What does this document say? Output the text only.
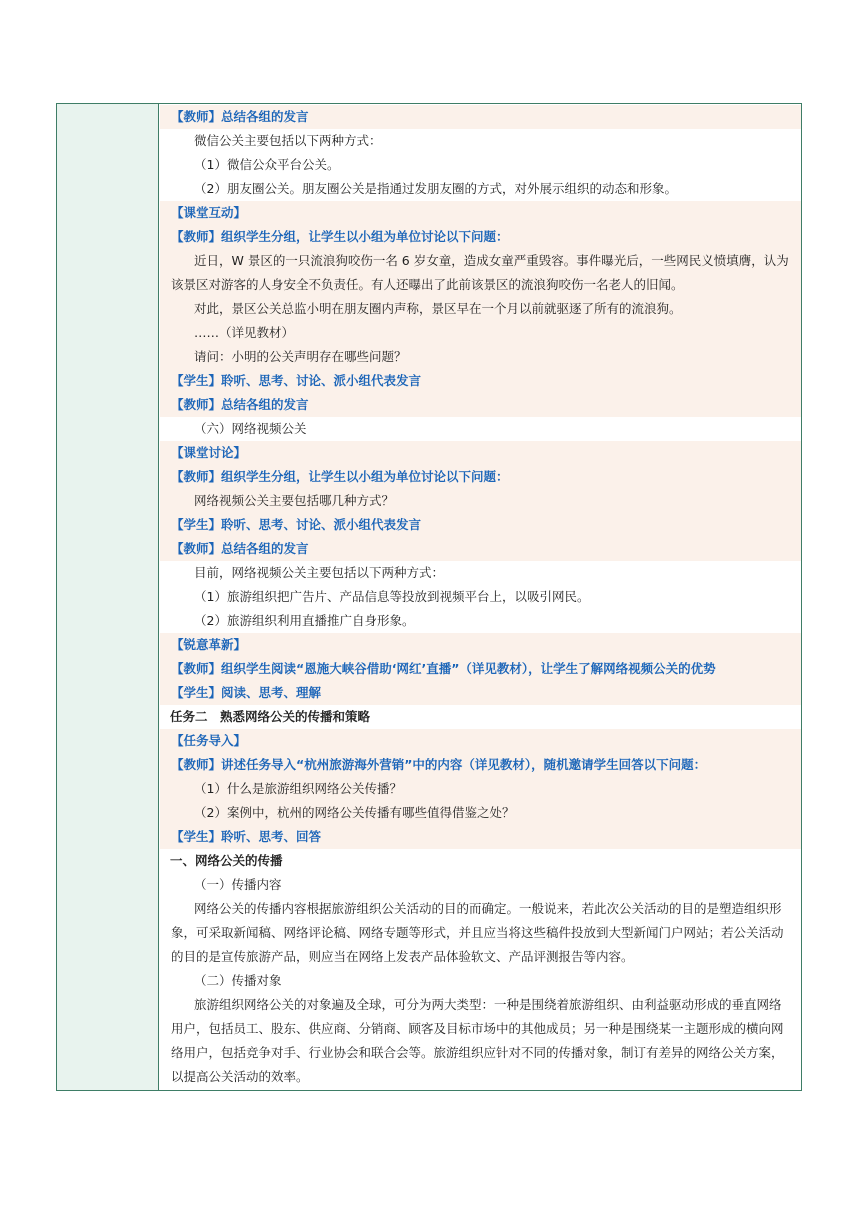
【教师】总结各组的发言
微信公关主要包括以下两种方式：
（1）微信公众平台公关。
（2）朋友圈公关。朋友圈公关是指通过发朋友圈的方式，对外展示组织的动态和形象。
【课堂互动】
【教师】组织学生分组，让学生以小组为单位讨论以下问题：
近日，W 景区的一只流浪狗咬伤一名 6 岁女童，造成女童严重毁容。事件曝光后，一些网民义愤填膺，认为该景区对游客的人身安全不负责任。有人还曝出了此前该景区的流浪狗咬伤一名老人的旧闻。
对此，景区公关总监小明在朋友圈内声称，景区早在一个月以前就驱逐了所有的流浪狗。
……（详见教材）
请问：小明的公关声明存在哪些问题？
【学生】聆听、思考、讨论、派小组代表发言
【教师】总结各组的发言
（六）网络视频公关
【课堂讨论】
【教师】组织学生分组，让学生以小组为单位讨论以下问题：
网络视频公关主要包括哪几种方式？
【学生】聆听、思考、讨论、派小组代表发言
【教师】总结各组的发言
目前，网络视频公关主要包括以下两种方式：
（1）旅游组织把广告片、产品信息等投放到视频平台上，以吸引网民。
（2）旅游组织利用直播推广自身形象。
【锐意革新】
【教师】组织学生阅读“恩施大峡谷借助‘网红’直播”（详见教材），让学生了解网络视频公关的优势
【学生】阅读、思考、理解
任务二　熟悉网络公关的传播和策略
【任务导入】
【教师】讲述任务导入“杭州旅游海外营销”中的内容（详见教材），随机邀请学生回答以下问题：
（1）什么是旅游组织网络公关传播？
（2）案例中，杭州的网络公关传播有哪些值得借鉴之处？
【学生】聆听、思考、回答
一、网络公关的传播
（一）传播内容
网络公关的传播内容根据旅游组织公关活动的目的而确定。一般说来，若此次公关活动的目的是塑造组织形象，可采取新闻稿、网络评论稿、网络专题等形式，并且应当将这些稿件投放到大型新闻门户网站；若公关活动的目的是宣传旅游产品，则应当在网络上发表产品体验软文、产品评测报告等内容。
（二）传播对象
旅游组织网络公关的对象遍及全球，可分为两大类型：一种是围绕着旅游组织、由利益驱动形成的垂直网络用户，包括员工、股东、供应商、分销商、顾客及目标市场中的其他成员；另一种是围绕某一主题形成的横向网络用户，包括竞争对手、行业协会和联合会等。旅游组织应针对不同的传播对象，制订有差异的网络公关方案，以提高公关活动的效率。
